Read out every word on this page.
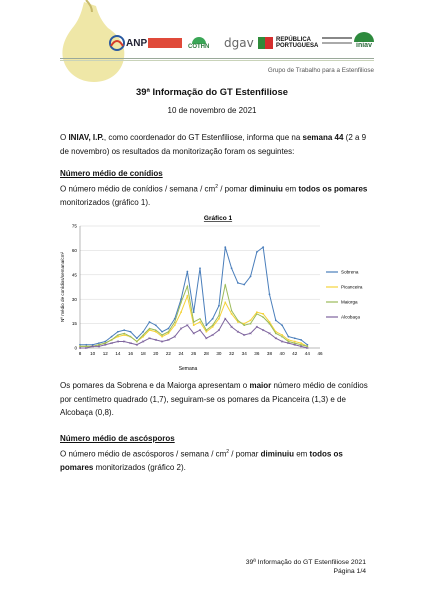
ANP	COTHN dgav	REPÚBLICA
PORTUGUESA	iniav
Grupo de Trabalho para a Estenfiliose
39ª Informação do GT Estenfiliose
10 de novembro de 2021
O INIAV, I.P., como coordenador do GT Estenfiliose, informa que na semana 44 (2 a 9 de novembro) os resultados da monitorização foram os seguintes:
Número médio de conídios
O número médio de conídios / semana / $cm^2$ / pomar diminuiu em todos os pomares monitorizados (gráfico 1).
Gráfico 1
0
15
30
45
60
75
8 10 12 14 16 18 20 22 24 26 28 30 32 34 36 38 40 42 44 46
Sobrena
Picanceira
Maiorga
Alcobaça
Nº médio de conídios/semana/cm²
Semana
Os pomares da Sobrena e da Maiorga apresentam o maior número médio de conídios por centímetro quadrado (1,7), seguiram-se os pomares da Picanceira (1,3) e de Alcobaça (0,8).
Número médio de ascósporos
O número médio de ascósporos / semana / $cm^2$ / pomar diminuiu em todos os pomares monitorizados (gráfico 2).
39ª Informação do GT Estenfiliose 2021
Página 1/4
